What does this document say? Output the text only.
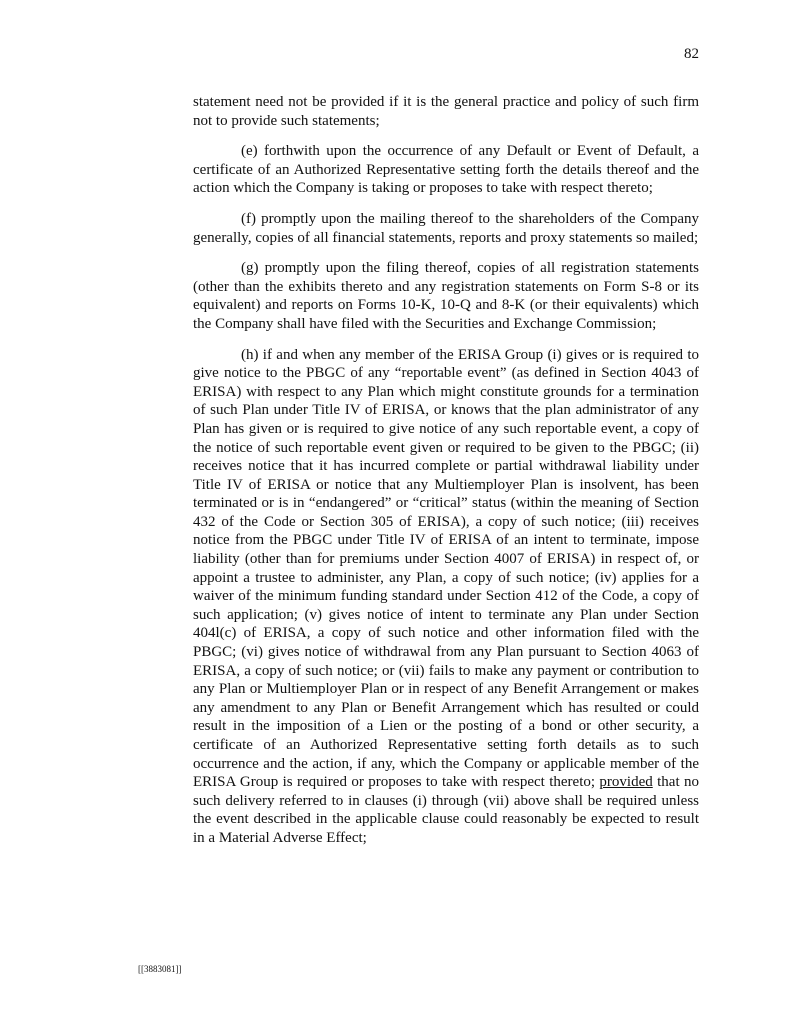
82

statement need not be provided if it is the general practice and policy of such firm not to provide such statements;

(e) forthwith upon the occurrence of any Default or Event of Default, a certificate of an Authorized Representative setting forth the details thereof and the action which the Company is taking or proposes to take with respect thereto;

(f) promptly upon the mailing thereof to the shareholders of the Company generally, copies of all financial statements, reports and proxy statements so mailed;

(g) promptly upon the filing thereof, copies of all registration statements (other than the exhibits thereto and any registration statements on Form S-8 or its equivalent) and reports on Forms 10-K, 10-Q and 8-K (or their equivalents) which the Company shall have filed with the Securities and Exchange Commission;

(h) if and when any member of the ERISA Group (i) gives or is required to give notice to the PBGC of any “reportable event” (as defined in Section 4043 of ERISA) with respect to any Plan which might constitute grounds for a termination of such Plan under Title IV of ERISA, or knows that the plan administrator of any Plan has given or is required to give notice of any such reportable event, a copy of the notice of such reportable event given or required to be given to the PBGC; (ii) receives notice that it has incurred complete or partial withdrawal liability under Title IV of ERISA or notice that any Multiemployer Plan is insolvent, has been terminated or is in “endangered” or “critical” status (within the meaning of Section 432 of the Code or Section 305 of ERISA), a copy of such notice; (iii) receives notice from the PBGC under Title IV of ERISA of an intent to terminate, impose liability (other than for premiums under Section 4007 of ERISA) in respect of, or appoint a trustee to administer, any Plan, a copy of such notice; (iv) applies for a waiver of the minimum funding standard under Section 412 of the Code, a copy of such application; (v) gives notice of intent to terminate any Plan under Section 404l(c) of ERISA, a copy of such notice and other information filed with the PBGC; (vi) gives notice of withdrawal from any Plan pursuant to Section 4063 of ERISA, a copy of such notice; or (vii) fails to make any payment or contribution to any Plan or Multiemployer Plan or in respect of any Benefit Arrangement or makes any amendment to any Plan or Benefit Arrangement which has resulted or could result in the imposition of a Lien or the posting of a bond or other security, a certificate of an Authorized Representative setting forth details as to such occurrence and the action, if any, which the Company or applicable member of the ERISA Group is required or proposes to take with respect thereto; provided that no such delivery referred to in clauses (i) through (vii) above shall be required unless the event described in the applicable clause could reasonably be expected to result in a Material Adverse Effect;

[[3883081]]
